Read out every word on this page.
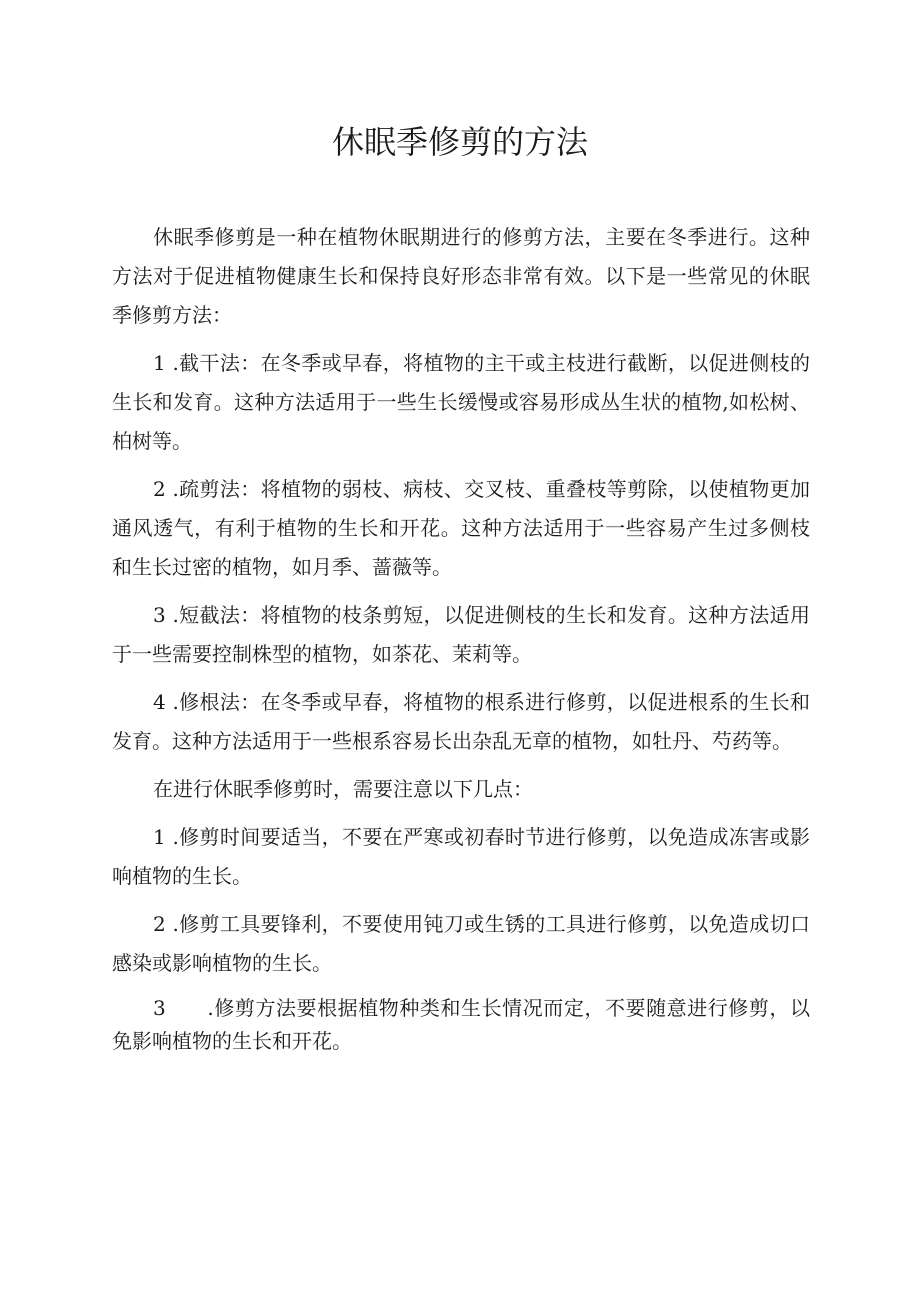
休眠季修剪的方法

休眠季修剪是一种在植物休眠期进行的修剪方法，主要在冬季进行。这种方法对于促进植物健康生长和保持良好形态非常有效。以下是一些常见的休眠季修剪方法：

1 .截干法：在冬季或早春，将植物的主干或主枝进行截断，以促进侧枝的生长和发育。这种方法适用于一些生长缓慢或容易形成丛生状的植物,如松树、柏树等。

2 .疏剪法：将植物的弱枝、病枝、交叉枝、重叠枝等剪除，以使植物更加通风透气，有利于植物的生长和开花。这种方法适用于一些容易产生过多侧枝和生长过密的植物，如月季、蔷薇等。

3 .短截法：将植物的枝条剪短，以促进侧枝的生长和发育。这种方法适用于一些需要控制株型的植物，如茶花、茉莉等。

4 .修根法：在冬季或早春，将植物的根系进行修剪，以促进根系的生长和发育。这种方法适用于一些根系容易长出杂乱无章的植物，如牡丹、芍药等。

在进行休眠季修剪时，需要注意以下几点：

1 .修剪时间要适当，不要在严寒或初春时节进行修剪，以免造成冻害或影响植物的生长。

2 .修剪工具要锋利，不要使用钝刀或生锈的工具进行修剪，以免造成切口感染或影响植物的生长。

3　　.修剪方法要根据植物种类和生长情况而定，不要随意进行修剪，以免影响植物的生长和开花。
